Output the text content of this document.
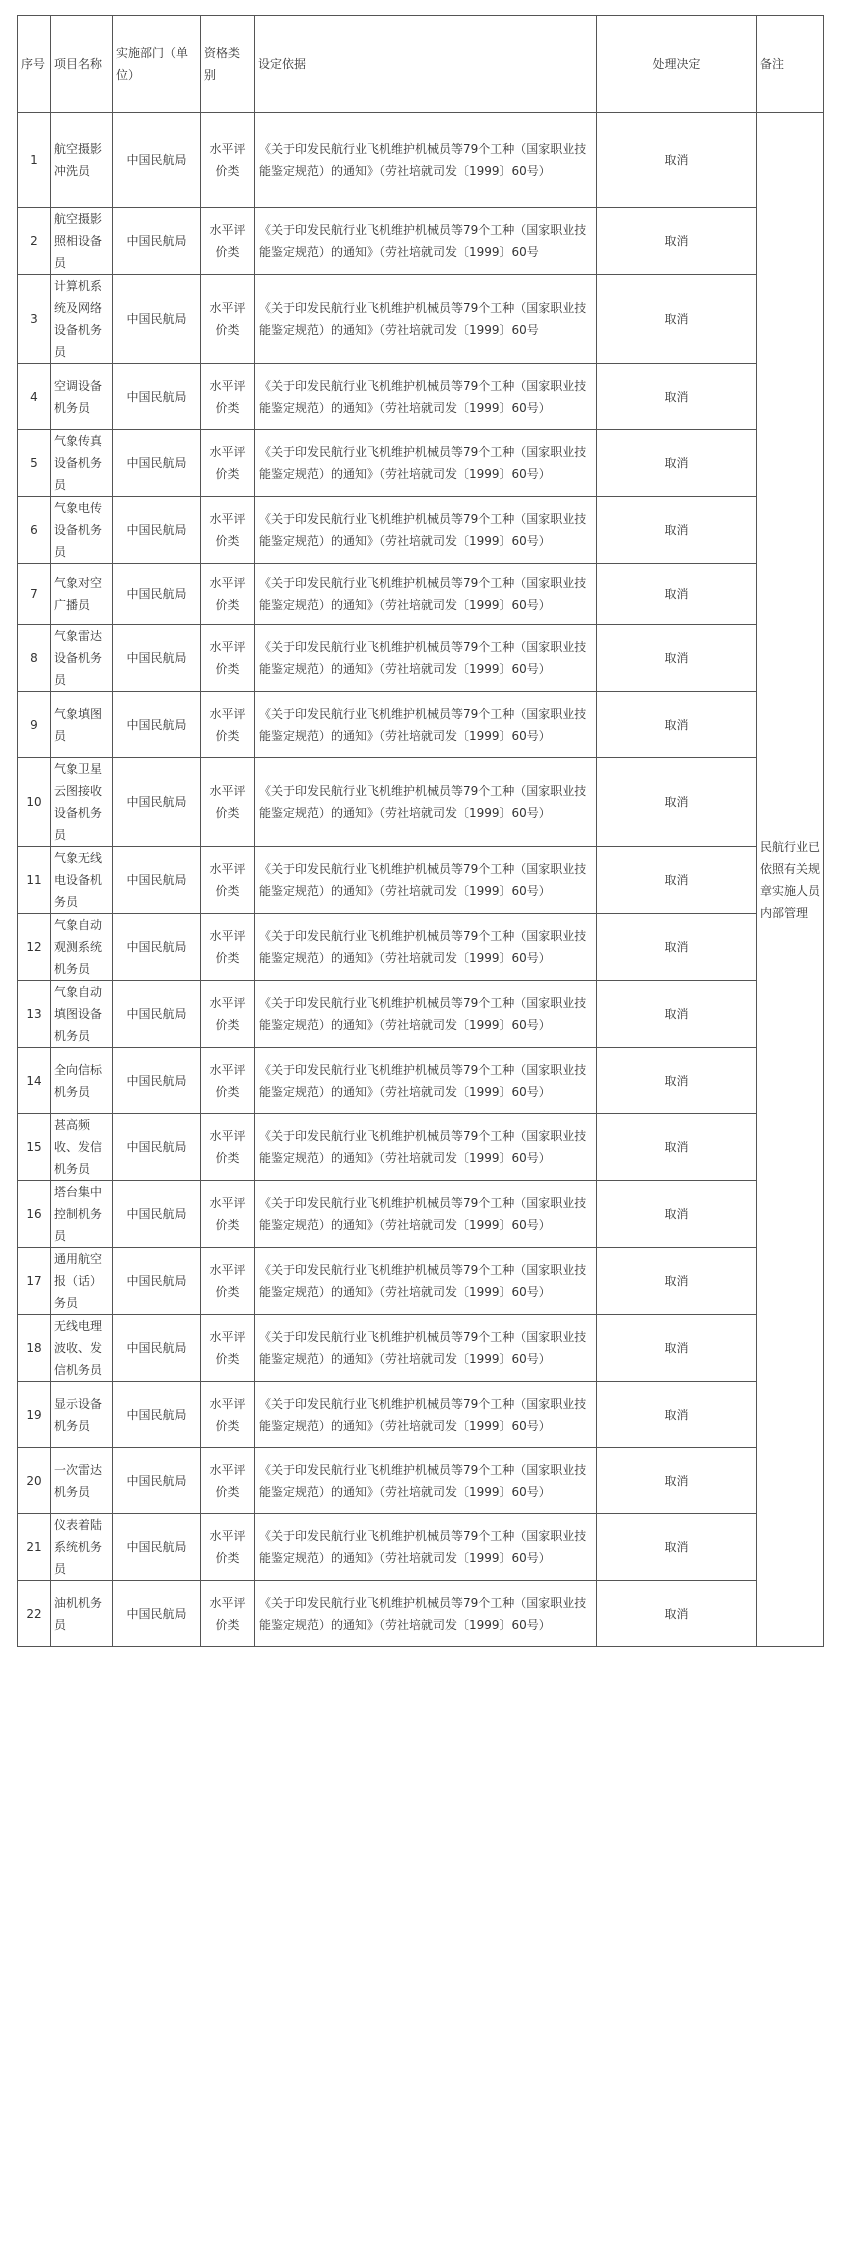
序号	项目名称	实施部门（单位）	资格类别	设定依据	处理决定	备注
1	航空摄影冲洗员	中国民航局	水平评价类	《关于印发民航行业飞机维护机械员等79个工种（国家职业技能鉴定规范）的通知》（劳社培就司发〔1999〕60号）	取消	民航行业已依照有关规章实施人员内部管理
2	航空摄影照相设备员	中国民航局	水平评价类	《关于印发民航行业飞机维护机械员等79个工种（国家职业技能鉴定规范）的通知》（劳社培就司发〔1999〕60号	取消	
3	计算机系统及网络设备机务员	中国民航局	水平评价类	《关于印发民航行业飞机维护机械员等79个工种（国家职业技能鉴定规范）的通知》（劳社培就司发〔1999〕60号	取消	
4	空调设备机务员	中国民航局	水平评价类	《关于印发民航行业飞机维护机械员等79个工种（国家职业技能鉴定规范）的通知》（劳社培就司发〔1999〕60号）	取消	
5	气象传真设备机务员	中国民航局	水平评价类	《关于印发民航行业飞机维护机械员等79个工种（国家职业技能鉴定规范）的通知》（劳社培就司发〔1999〕60号）	取消	
6	气象电传设备机务员	中国民航局	水平评价类	《关于印发民航行业飞机维护机械员等79个工种（国家职业技能鉴定规范）的通知》（劳社培就司发〔1999〕60号）	取消	
7	气象对空广播员	中国民航局	水平评价类	《关于印发民航行业飞机维护机械员等79个工种（国家职业技能鉴定规范）的通知》（劳社培就司发〔1999〕60号）	取消	
8	气象雷达设备机务员	中国民航局	水平评价类	《关于印发民航行业飞机维护机械员等79个工种（国家职业技能鉴定规范）的通知》（劳社培就司发〔1999〕60号）	取消	
9	气象填图员	中国民航局	水平评价类	《关于印发民航行业飞机维护机械员等79个工种（国家职业技能鉴定规范）的通知》（劳社培就司发〔1999〕60号）	取消	
10	气象卫星云图接收设备机务员	中国民航局	水平评价类	《关于印发民航行业飞机维护机械员等79个工种（国家职业技能鉴定规范）的通知》（劳社培就司发〔1999〕60号）	取消	
11	气象无线电设备机务员	中国民航局	水平评价类	《关于印发民航行业飞机维护机械员等79个工种（国家职业技能鉴定规范）的通知》（劳社培就司发〔1999〕60号）	取消	
12	气象自动观测系统机务员	中国民航局	水平评价类	《关于印发民航行业飞机维护机械员等79个工种（国家职业技能鉴定规范）的通知》（劳社培就司发〔1999〕60号）	取消	
13	气象自动填图设备机务员	中国民航局	水平评价类	《关于印发民航行业飞机维护机械员等79个工种（国家职业技能鉴定规范）的通知》（劳社培就司发〔1999〕60号）	取消	
14	全向信标机务员	中国民航局	水平评价类	《关于印发民航行业飞机维护机械员等79个工种（国家职业技能鉴定规范）的通知》（劳社培就司发〔1999〕60号）	取消	
15	甚高频收、发信机务员	中国民航局	水平评价类	《关于印发民航行业飞机维护机械员等79个工种（国家职业技能鉴定规范）的通知》（劳社培就司发〔1999〕60号）	取消	
16	塔台集中控制机务员	中国民航局	水平评价类	《关于印发民航行业飞机维护机械员等79个工种（国家职业技能鉴定规范）的通知》（劳社培就司发〔1999〕60号）	取消	
17	通用航空报（话）务员	中国民航局	水平评价类	《关于印发民航行业飞机维护机械员等79个工种（国家职业技能鉴定规范）的通知》（劳社培就司发〔1999〕60号）	取消	
18	无线电理波收、发信机务员	中国民航局	水平评价类	《关于印发民航行业飞机维护机械员等79个工种（国家职业技能鉴定规范）的通知》（劳社培就司发〔1999〕60号）	取消	
19	显示设备机务员	中国民航局	水平评价类	《关于印发民航行业飞机维护机械员等79个工种（国家职业技能鉴定规范）的通知》（劳社培就司发〔1999〕60号）	取消	
20	一次雷达机务员	中国民航局	水平评价类	《关于印发民航行业飞机维护机械员等79个工种（国家职业技能鉴定规范）的通知》（劳社培就司发〔1999〕60号）	取消	
21	仪表着陆系统机务员	中国民航局	水平评价类	《关于印发民航行业飞机维护机械员等79个工种（国家职业技能鉴定规范）的通知》（劳社培就司发〔1999〕60号）	取消	
22	油机机务员	中国民航局	水平评价类	《关于印发民航行业飞机维护机械员等79个工种（国家职业技能鉴定规范）的通知》（劳社培就司发〔1999〕60号）	取消	
